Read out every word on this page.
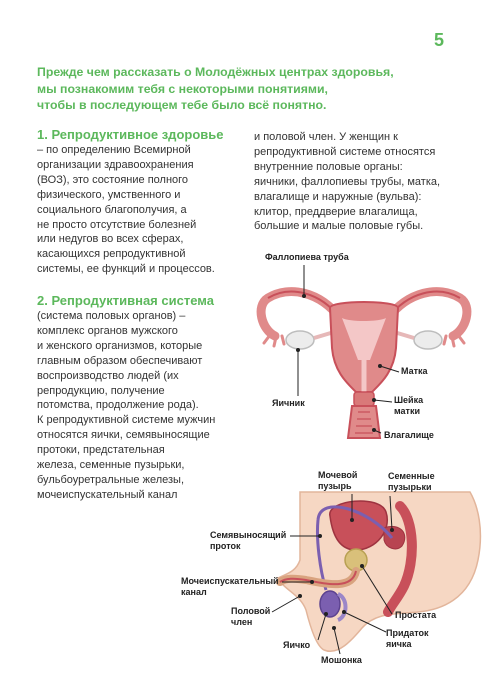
5
Прежде чем рассказать о Молодёжных центрах здоровья,
мы познакомим тебя с некоторыми понятиями,
чтобы в последующем тебе было всё понятно.
1. Репродуктивное здоровье
– по определению Всемирной
организации здравоохранения
(ВОЗ), это состояние полного
физического, умственного и
социального благополучия, а
не просто отсутствие болезней
или недугов во всех сферах,
касающихся репродуктивной
системы, ее функций и процессов.
2. Репродуктивная система
(система половых органов) –
комплекс органов мужского
и женского организмов, которые
главным образом обеспечивают
воспроизводство людей (их
репродукцию, получение
потомства, продолжение рода).
К репродуктивной системе мужчин
относятся яички, семявыносящие
протоки, предстательная
железа, семенные пузырьки,
бульбоуретральные железы,
мочеиспускательный канал
и половой член. У женщин к
репродуктивной системе относятся
внутренние половые органы:
яичники, фаллопиевы трубы, матка,
влагалище и наружные (вульва):
клитор, преддверие влагалища,
большие и малые половые губы.
Фаллопиева труба
Матка
Яичник	Шейка
матки
Влагалище
Мочевой
пузырь
Семенные
пузырьки
Семявыносящий
проток
Мочеиспускательный
канал
Половой
член
Простата
Придаток
яичка
Яичко
Мошонка
